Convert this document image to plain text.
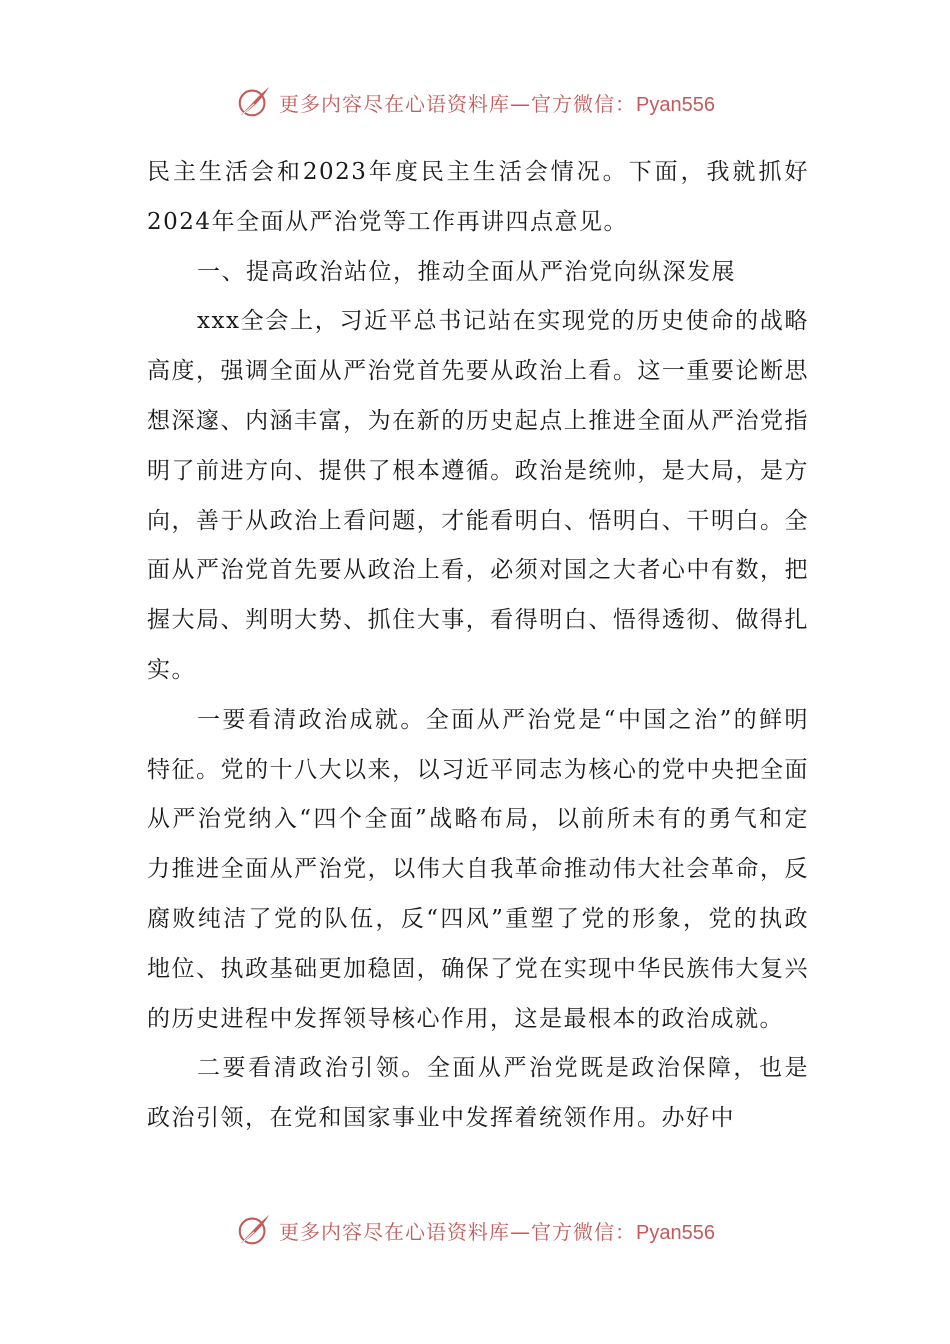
更多内容尽在心语资料库—官方微信：Pyan556

民主生活会和2023年度民主生活会情况。下面，我就抓好2024年全面从严治党等工作再讲四点意见。

一、提高政治站位，推动全面从严治党向纵深发展

xxx全会上，习近平总书记站在实现党的历史使命的战略高度，强调全面从严治党首先要从政治上看。这一重要论断思想深邃、内涵丰富，为在新的历史起点上推进全面从严治党指明了前进方向、提供了根本遵循。政治是统帅，是大局，是方向，善于从政治上看问题，才能看明白、悟明白、干明白。全面从严治党首先要从政治上看，必须对国之大者心中有数，把握大局、判明大势、抓住大事，看得明白、悟得透彻、做得扎实。

一要看清政治成就。全面从严治党是“中国之治”的鲜明特征。党的十八大以来，以习近平同志为核心的党中央把全面从严治党纳入“四个全面”战略布局，以前所未有的勇气和定力推进全面从严治党，以伟大自我革命推动伟大社会革命，反腐败纯洁了党的队伍，反“四风”重塑了党的形象，党的执政地位、执政基础更加稳固，确保了党在实现中华民族伟大复兴的历史进程中发挥领导核心作用，这是最根本的政治成就。

二要看清政治引领。全面从严治党既是政治保障，也是政治引领，在党和国家事业中发挥着统领作用。办好中

更多内容尽在心语资料库—官方微信：Pyan556
